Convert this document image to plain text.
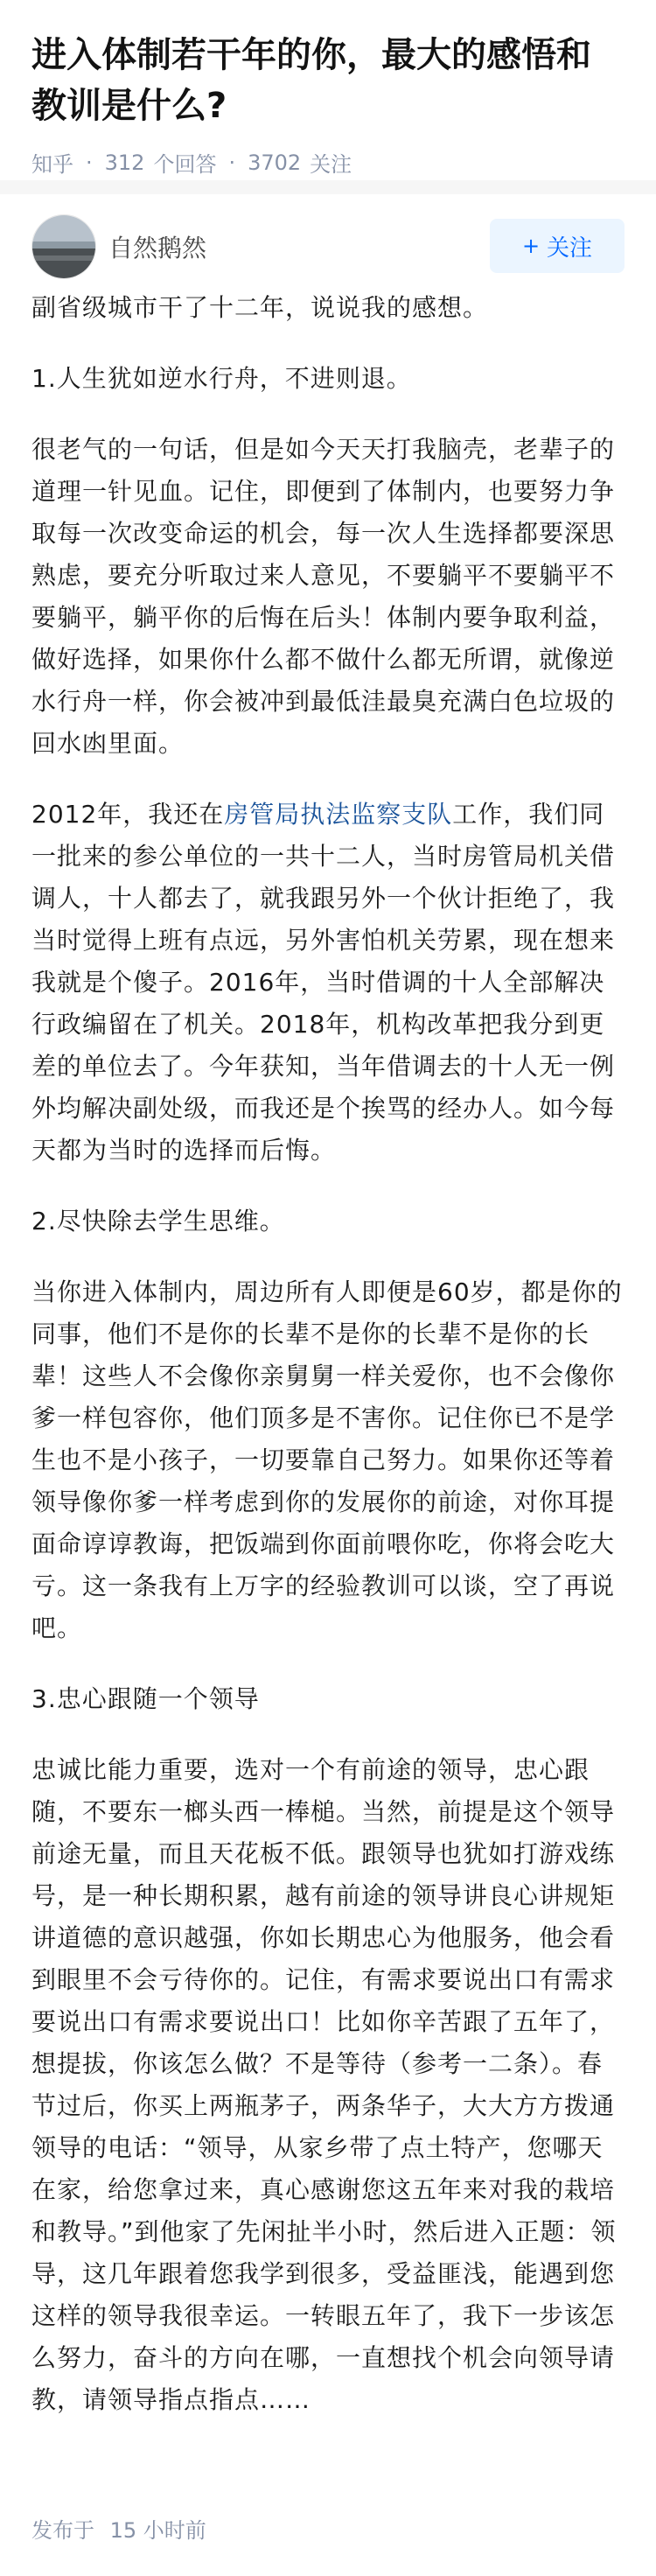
进入体制若干年的你，最大的感悟和教训是什么?
知乎 · 312 个回答 · 3702 关注
自然鹅然	+ 关注

副省级城市干了十二年，说说我的感想。

1.人生犹如逆水行舟，不进则退。

很老气的一句话，但是如今天天打我脑壳，老辈子的道理一针见血。记住，即便到了体制内，也要努力争取每一次改变命运的机会，每一次人生选择都要深思熟虑，要充分听取过来人意见，不要躺平不要躺平不要躺平，躺平你的后悔在后头！体制内要争取利益，做好选择，如果你什么都不做什么都无所谓，就像逆水行舟一样，你会被冲到最低洼最臭充满白色垃圾的回水凼里面。

2012年，我还在房管局执法监察支队工作，我们同一批来的参公单位的一共十二人，当时房管局机关借调人，十人都去了，就我跟另外一个伙计拒绝了，我当时觉得上班有点远，另外害怕机关劳累，现在想来我就是个傻子。2016年，当时借调的十人全部解决行政编留在了机关。2018年，机构改革把我分到更差的单位去了。今年获知，当年借调去的十人无一例外均解决副处级，而我还是个挨骂的经办人。如今每天都为当时的选择而后悔。

2.尽快除去学生思维。

当你进入体制内，周边所有人即便是60岁，都是你的同事，他们不是你的长辈不是你的长辈不是你的长辈！这些人不会像你亲舅舅一样关爱你，也不会像你爹一样包容你，他们顶多是不害你。记住你已不是学生也不是小孩子，一切要靠自己努力。如果你还等着领导像你爹一样考虑到你的发展你的前途，对你耳提面命谆谆教诲，把饭端到你面前喂你吃，你将会吃大亏。这一条我有上万字的经验教训可以谈，空了再说吧。

3.忠心跟随一个领导

忠诚比能力重要，选对一个有前途的领导，忠心跟随，不要东一榔头西一棒槌。当然，前提是这个领导前途无量，而且天花板不低。跟领导也犹如打游戏练号，是一种长期积累，越有前途的领导讲良心讲规矩讲道德的意识越强，你如长期忠心为他服务，他会看到眼里不会亏待你的。记住，有需求要说出口有需求要说出口有需求要说出口！比如你辛苦跟了五年了，想提拔，你该怎么做？不是等待（参考一二条）。春节过后，你买上两瓶茅子，两条华子，大大方方拨通领导的电话：“领导，从家乡带了点土特产，您哪天在家，给您拿过来，真心感谢您这五年来对我的栽培和教导。”到他家了先闲扯半小时，然后进入正题：领导，这几年跟着您我学到很多，受益匪浅，能遇到您这样的领导我很幸运。一转眼五年了，我下一步该怎么努力，奋斗的方向在哪，一直想找个机会向领导请教，请领导指点指点……

发布于 15 小时前
